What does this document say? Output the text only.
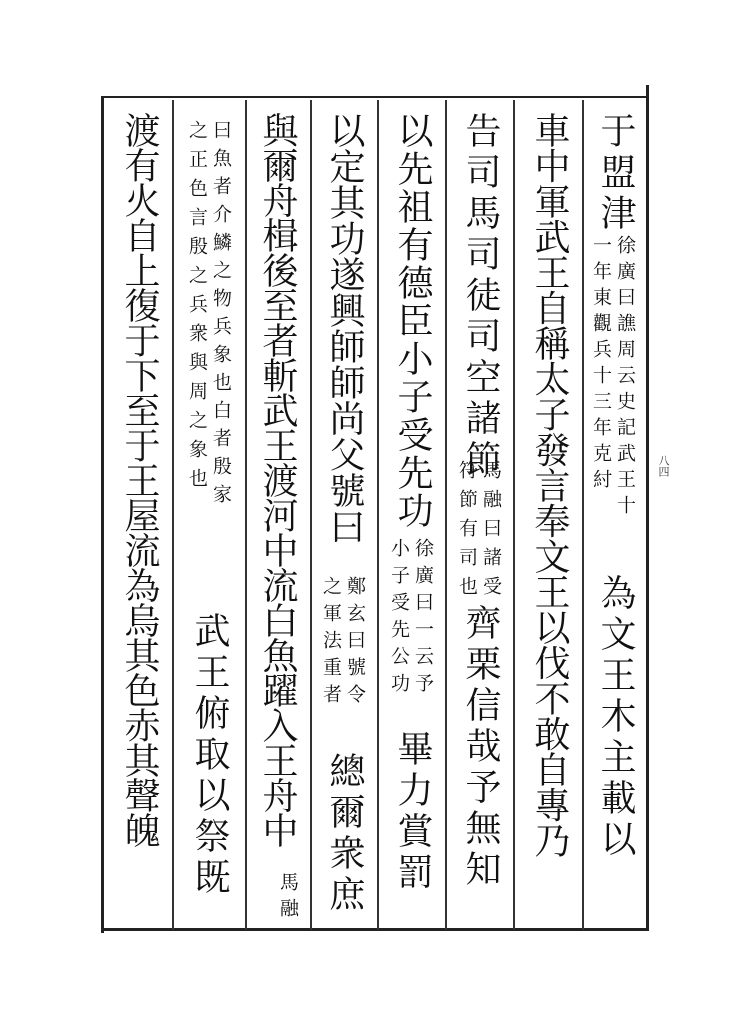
于盟津
徐廣曰譙周云史記武王十
一年東觀兵十三年克紂
為文王木主載以
車中軍武王自稱太子發言奉文王以伐不敢自專乃
告司馬司徒司空諸節
馬融曰諸受
符節有司也
齊栗信哉予無知
以先祖有德臣小子受先功
徐廣曰一云予
小子受先公功
畢力賞罰
以定其功遂興師師尚父號曰
鄭玄曰號令
之軍法重者
總爾衆庶
與爾舟楫後至者斬武王渡河中流白魚躍入王舟中
馬融
曰魚者介鱗之物兵象也白者殷家
之正色言殷之兵衆與周之象也
武王俯取以祭既
渡有火自上復于下至于王屋流為烏其色赤其聲魄	八四
